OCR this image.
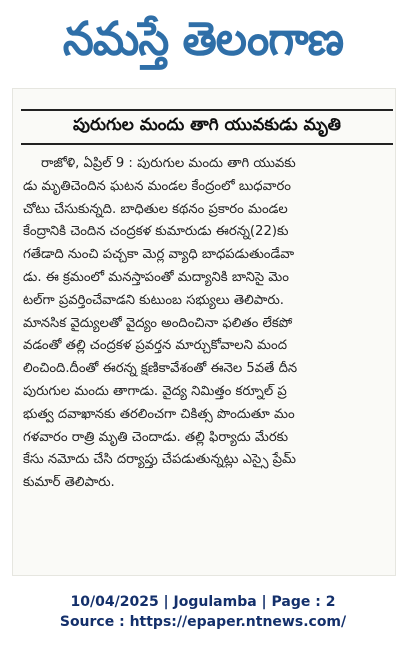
నమస్తే తెలంగాణ
పురుగుల మందు తాగి యువకుడు మృతి
రాజోళి, ఏప్రిల్ 9 : పురుగుల మందు తాగి యువకు
డు మృతిచెందిన ఘటన మండల కేంద్రంలో బుధవారం
చోటు చేసుకున్నది. బాధితుల కథనం ప్రకారం మండల
కేంద్రానికి చెందిన చంద్రకళ కుమారుడు ఈరన్న(22)కు
గతేడాది నుంచి పచ్చకా మెర్ల వ్యాధి బాధపడుతుండేవా
డు. ఈ క్రమంలో మనస్తాపంతో మద్యానికి బానిసై మెం
టల్‌గా ప్రవర్తించేవాడని కుటుంబ సభ్యులు తెలిపారు.
మానసిక వైద్యులతో వైద్యం అందించినా ఫలితం లేకపో
వడంతో తల్లి చంద్రకళ ప్రవర్తన మార్చుకోవాలని మంద
లించింది.దీంతో ఈరన్న క్షణికావేశంతో ఈనెల 5వతే దీన
పురుగుల మందు తాగాడు. వైద్య నిమిత్తం కర్నూల్ ప్ర
భుత్వ దవాఖానకు తరలించగా చికిత్స పొందుతూ మం
గళవారం రాత్రి మృతి చెందాడు. తల్లి ఫిర్యాదు మేరకు
కేసు నమోదు చేసి దర్యాప్తు చేపడుతున్నట్లు ఎస్సై ప్రేమ్
కుమార్ తెలిపారు.
10/04/2025 | Jogulamba | Page : 2
Source : https://epaper.ntnews.com/
